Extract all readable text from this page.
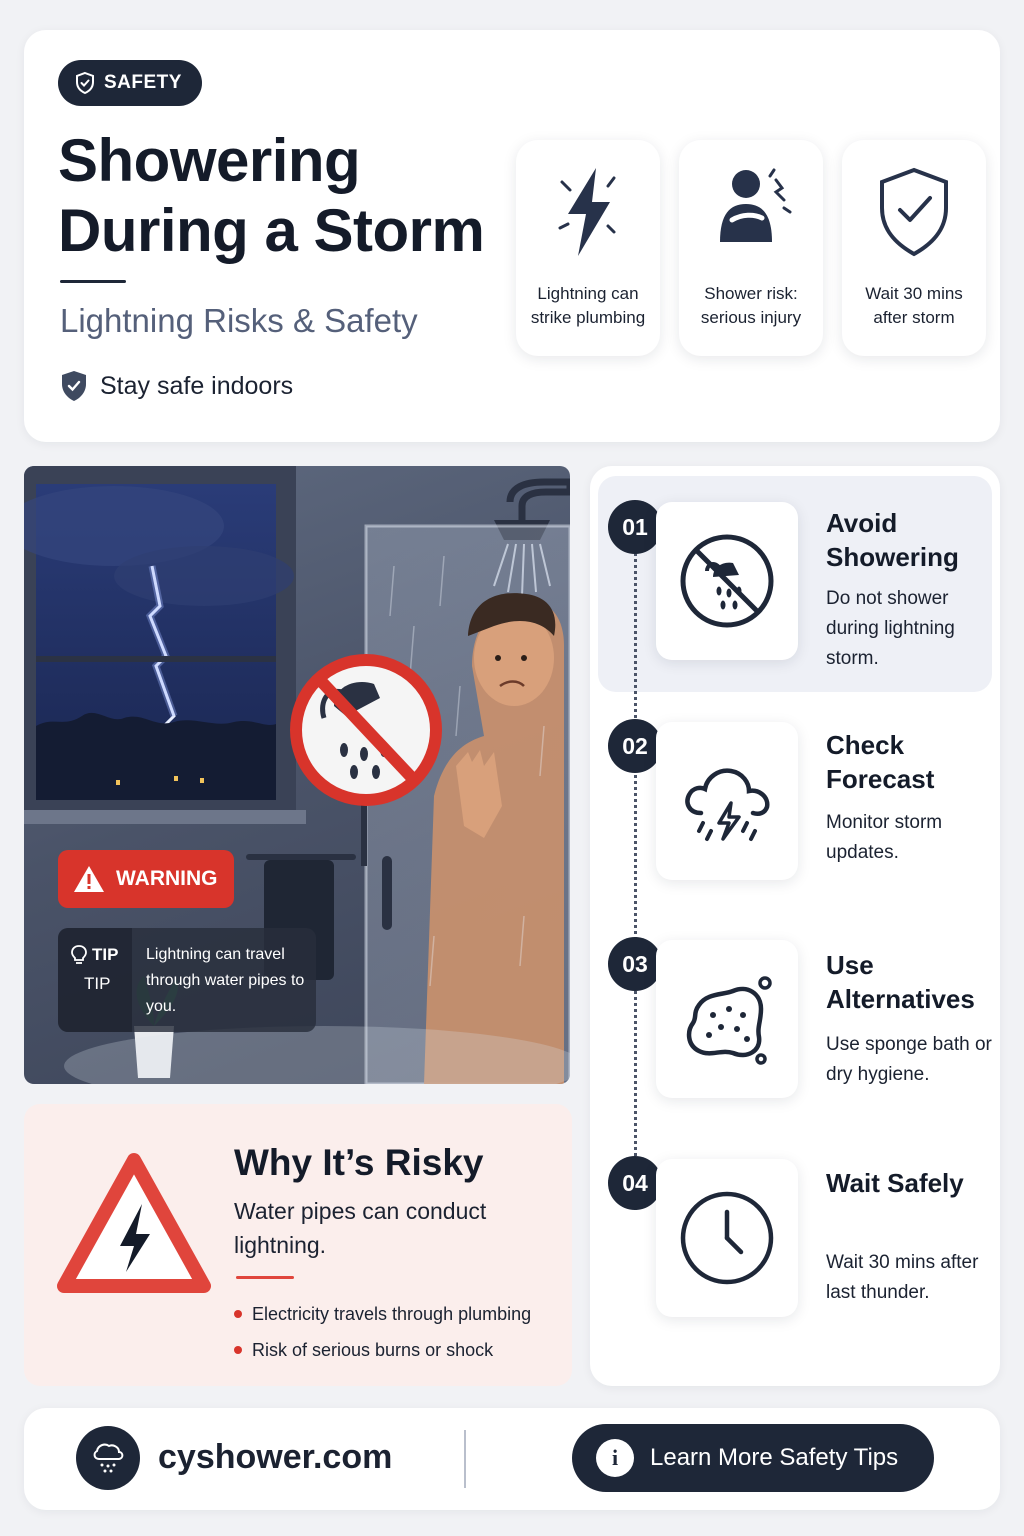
SAFETY
Showering
During a Storm
Lightning Risks & Safety
Stay safe indoors
Lightning can
strike plumbing
Shower risk:
serious injury
Wait 30 mins
after storm
WARNING
TIP
TIP
Lightning can travel through water pipes to you.
Why It’s Risky
Water pipes can conduct lightning.
Electricity travels through plumbing
Risk of serious burns or shock
01	Avoid Showering
Do not shower during lightning storm.
02	Check Forecast
Monitor storm updates.
03	Use Alternatives
Use sponge bath or dry hygiene.
04	Wait Safely
Wait 30 mins after last thunder.
cyshower.com	i	Learn More Safety Tips
